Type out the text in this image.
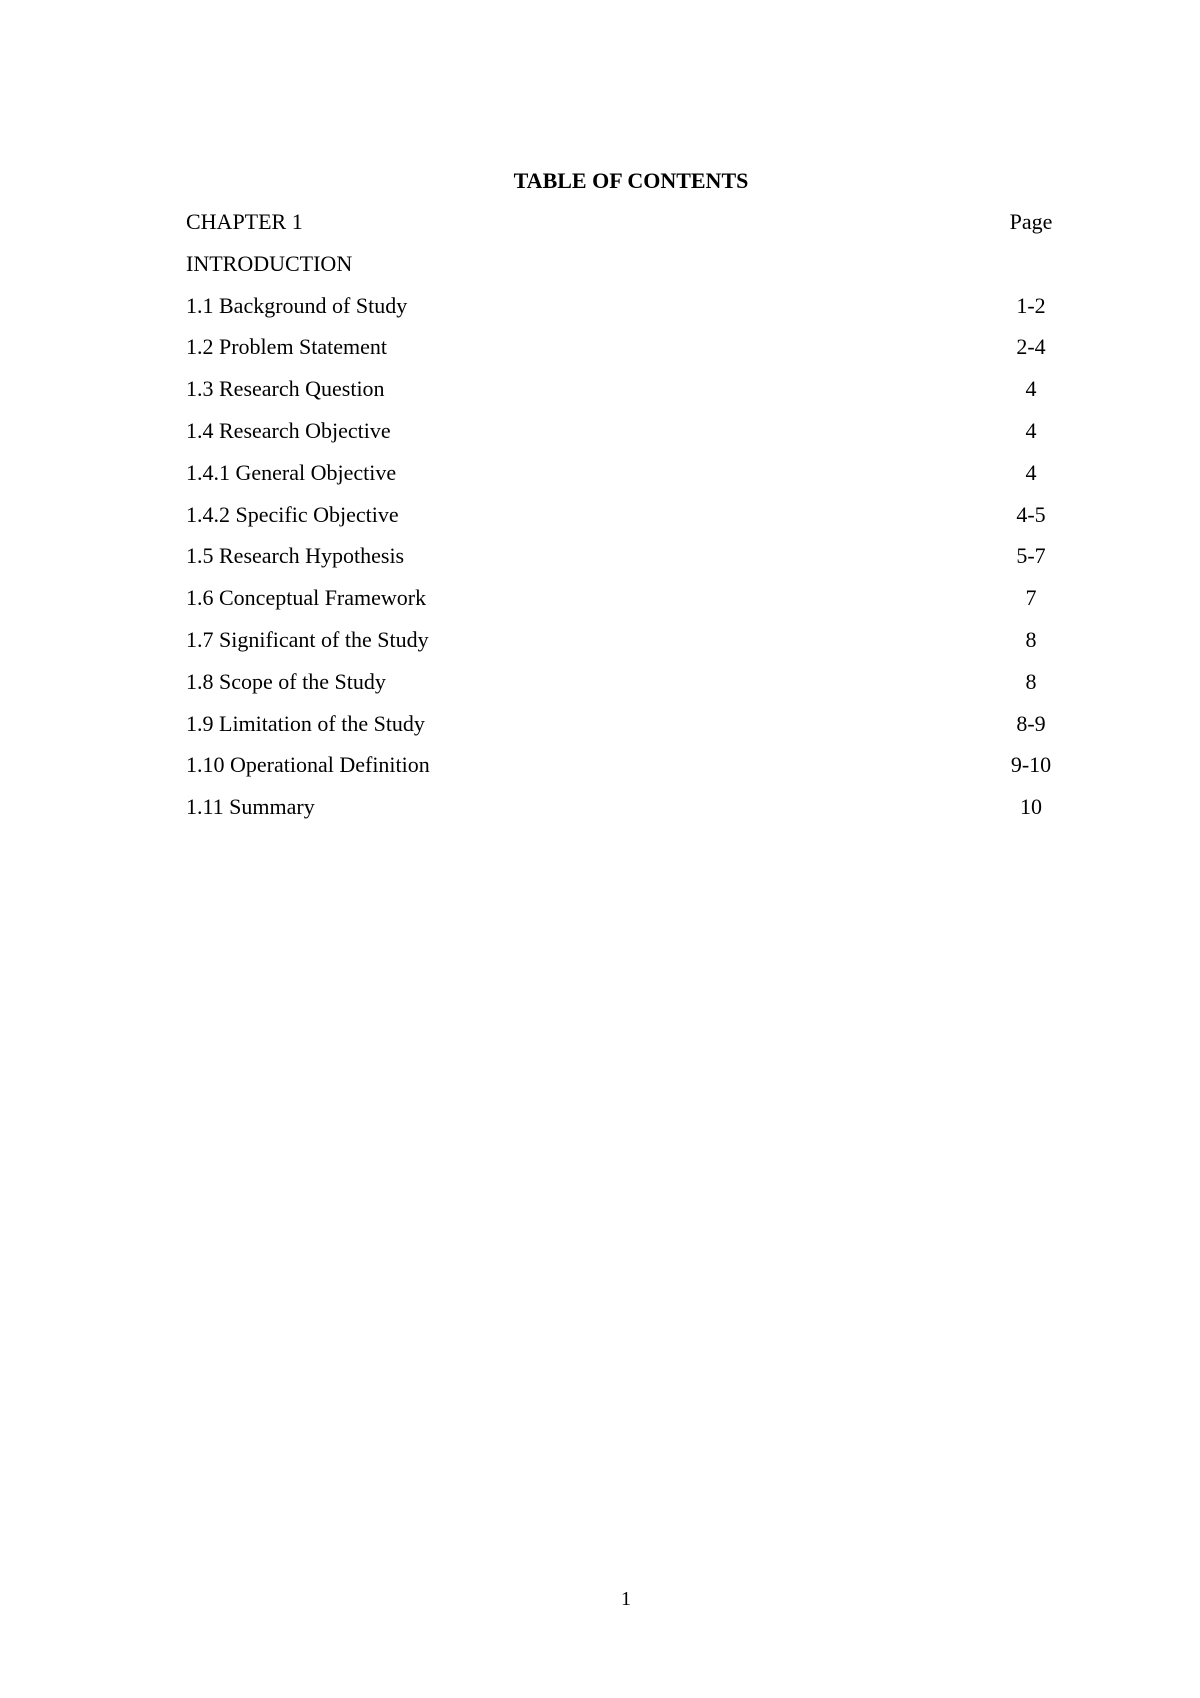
TABLE OF CONTENTS
CHAPTER 1	Page
INTRODUCTION
1.1 Background of Study	1-2
1.2 Problem Statement	2-4
1.3 Research Question	4
1.4 Research Objective	4
1.4.1 General Objective	4
1.4.2 Specific Objective	4-5
1.5 Research Hypothesis	5-7
1.6 Conceptual Framework	7
1.7 Significant of the Study	8
1.8 Scope of the Study	8
1.9 Limitation of the Study	8-9
1.10 Operational Definition	9-10
1.11 Summary	10
1
